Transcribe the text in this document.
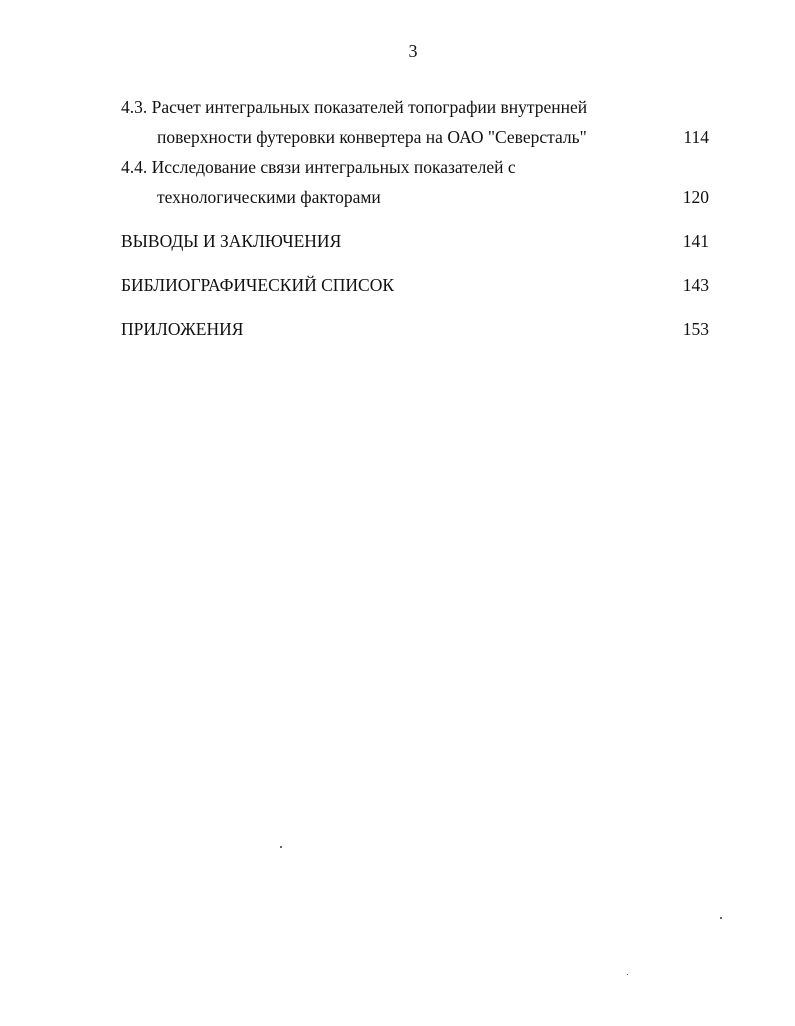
3
4.3. Расчет интегральных показателей топографии внутренней
поверхности футеровки конвертера на ОАО "Северсталь"	114
4.4. Исследование связи интегральных показателей с
технологическими факторами	120
ВЫВОДЫ И ЗАКЛЮЧЕНИЯ	141
БИБЛИОГРАФИЧЕСКИЙ СПИСОК	143
ПРИЛОЖЕНИЯ	153
